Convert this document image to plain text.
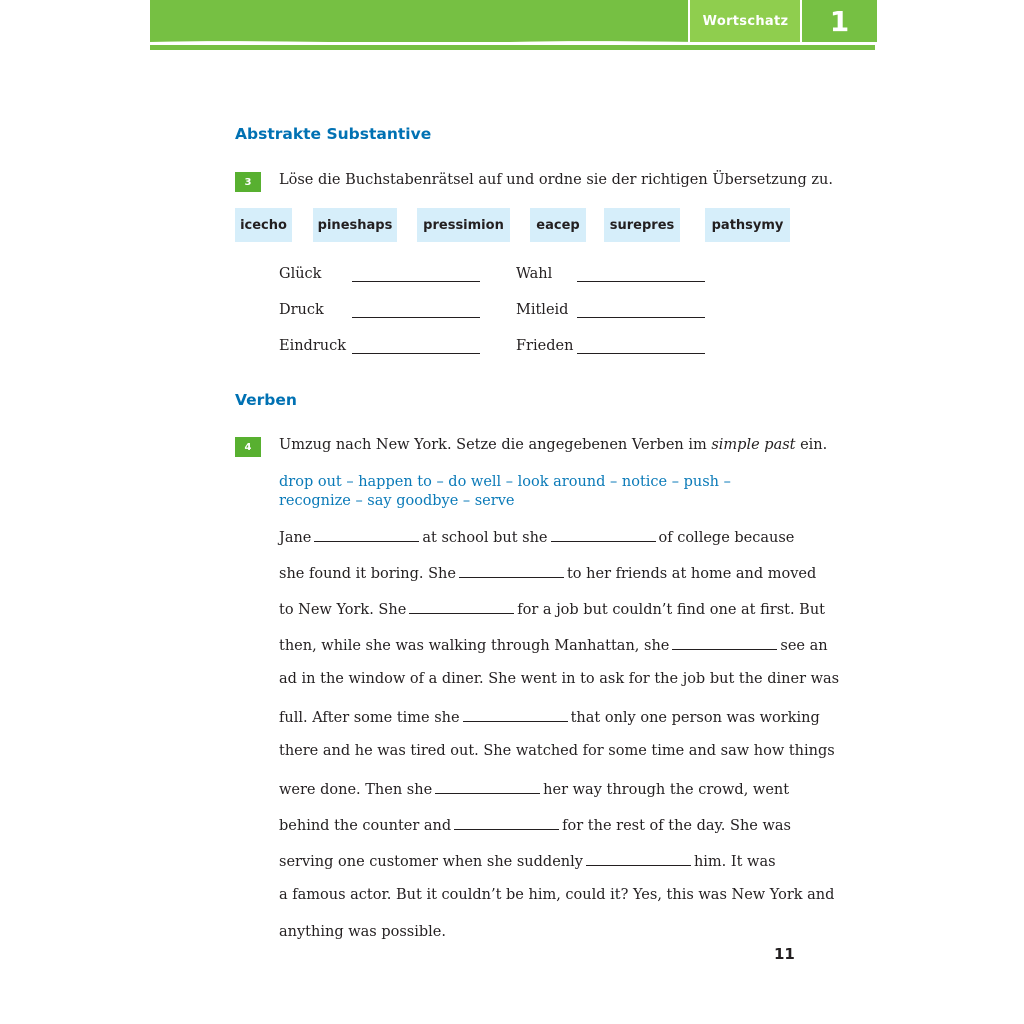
Wortschatz	1
Abstrakte Substantive
3	Löse die Buchstabenrätsel auf und ordne sie der richtigen Übersetzung zu.
icecho	pineshaps	pressimion	eacep	surepres	pathsymy
Glück	Wahl
Druck	Mitleid
Eindruck	Frieden
Verben
4	Umzug nach New York. Setze die angegebenen Verben im simple past ein.
drop out – happen to – do well – look around – notice – push – recognize – say goodbye – serve
Jane	at school but she	of college because
she found it boring. She	to her friends at home and moved
to New York. She	for a job but couldn’t find one at first. But
then, while she was walking through Manhattan, she	see an
ad in the window of a diner. She went in to ask for the job but the diner was
full. After some time she	that only one person was working
there and he was tired out. She watched for some time and saw how things
were done. Then she	her way through the crowd, went
behind the counter and	for the rest of the day. She was
serving one customer when she suddenly	him. It was
a famous actor. But it couldn’t be him, could it? Yes, this was New York and
anything was possible.
11
